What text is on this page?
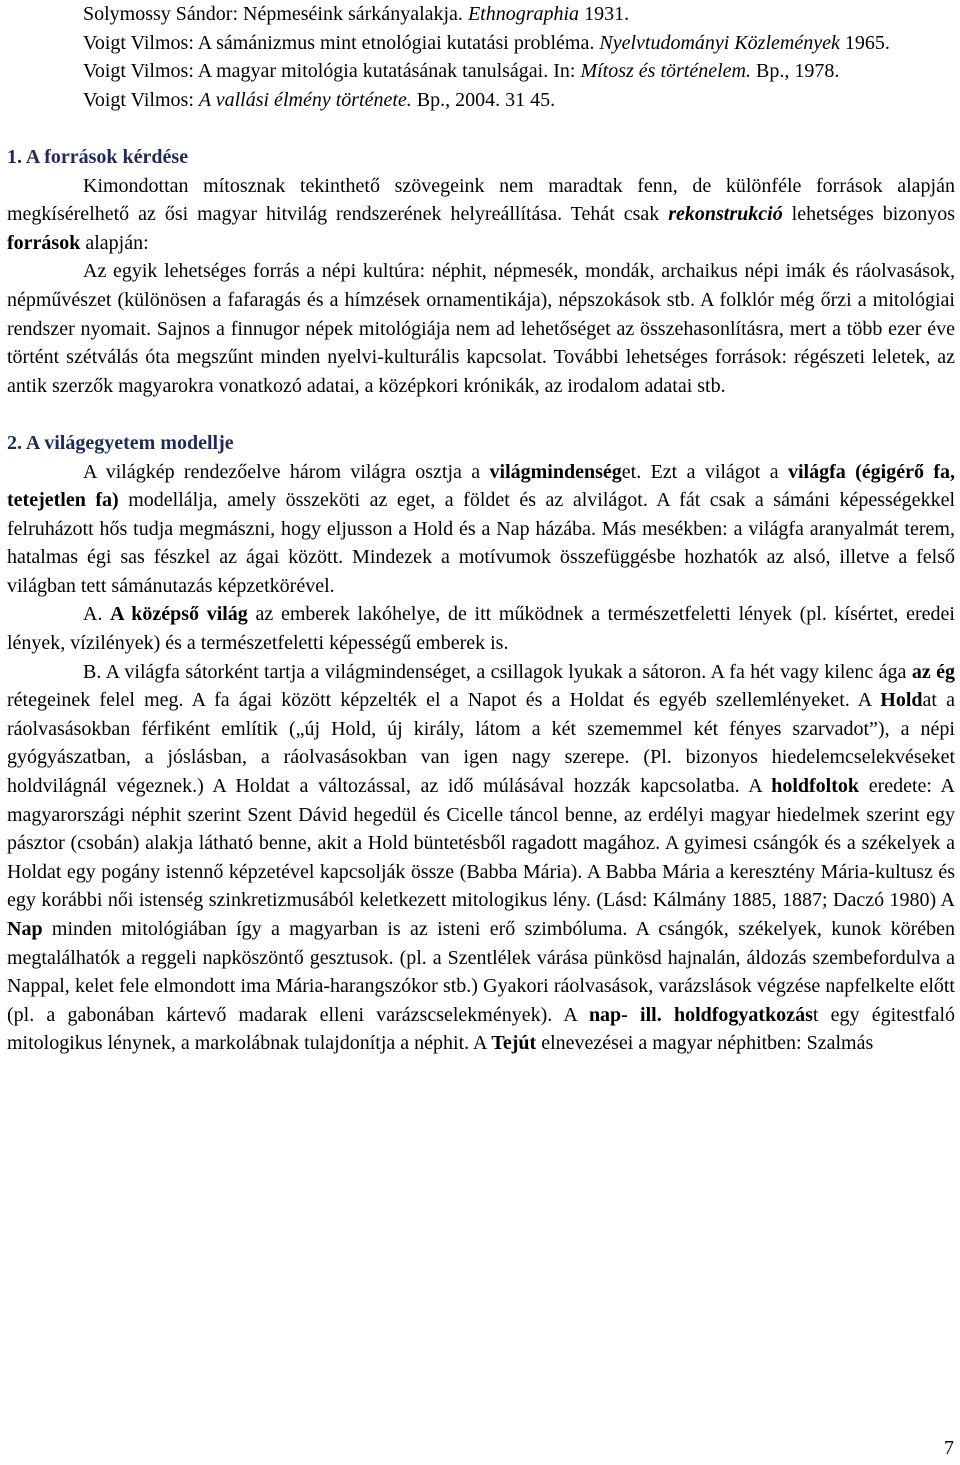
Solymossy Sándor: Népmeséink sárkányalakja. Ethnographia 1931.

Voigt Vilmos: A sámánizmus mint etnológiai kutatási probléma. Nyelvtudományi Közlemények 1965.

Voigt Vilmos: A magyar mitológia kutatásának tanulságai. In: Mítosz és történelem. Bp., 1978.

Voigt Vilmos: A vallási élmény története. Bp., 2004. 31 45.

1. A források kérdése

Kimondottan mítosznak tekinthető szövegeink nem maradtak fenn, de különféle források alapján megkísérelhető az ősi magyar hitvilág rendszerének helyreállítása. Tehát csak rekonstrukció lehetséges bizonyos források alapján:

Az egyik lehetséges forrás a népi kultúra: néphit, népmesék, mondák, archaikus népi imák és ráolvasások, népművészet (különösen a fafaragás és a hímzések ornamentikája), népszokások stb. A folklór még őrzi a mitológiai rendszer nyomait. Sajnos a finnugor népek mitológiája nem ad lehetőséget az összehasonlításra, mert a több ezer éve történt szétválás óta megszűnt minden nyelvi-kulturális kapcsolat. További lehetséges források: régészeti leletek, az antik szerzők magyarokra vonatkozó adatai, a középkori krónikák, az irodalom adatai stb.

2. A világegyetem modellje

A világkép rendezőelve három világra osztja a világmindenséget. Ezt a világot a világfa (égigérő fa, tetejetlen fa) modellálja, amely összeköti az eget, a földet és az alvilágot. A fát csak a sámáni képességekkel felruházott hős tudja megmászni, hogy eljusson a Hold és a Nap házába. Más mesékben: a világfa aranyalmát terem, hatalmas égi sas fészkel az ágai között. Mindezek a motívumok összefüggésbe hozhatók az alsó, illetve a felső világban tett sámánutazás képzetkörével.

A. A középső világ az emberek lakóhelye, de itt működnek a természetfeletti lények (pl. kísértet, eredei lények, vízilények) és a természetfeletti képességű emberek is.

B. A világfa sátorként tartja a világmindenséget, a csillagok lyukak a sátoron. A fa hét vagy kilenc ága az ég rétegeinek felel meg. A fa ágai között képzelték el a Napot és a Holdat és egyéb szellemlényeket. A Holdat a ráolvasásokban férfiként említik („új Hold, új király, látom a két szememmel két fényes szarvadot”), a népi gyógyászatban, a jóslásban, a ráolvasásokban van igen nagy szerepe. (Pl. bizonyos hiedelemcselekvéseket holdvilágnál végeznek.) A Holdat a változással, az idő múlásával hozzák kapcsolatba. A holdfoltok eredete: A magyarországi néphit szerint Szent Dávid hegedül és Cicelle táncol benne, az erdélyi magyar hiedelmek szerint egy pásztor (csobán) alakja látható benne, akit a Hold büntetésből ragadott magához. A gyimesi csángók és a székelyek a Holdat egy pogány istennő képzetével kapcsolják össze (Babba Mária). A Babba Mária a keresztény Mária-kultusz és egy korábbi női istenség szinkretizmusából keletkezett mitologikus lény. (Lásd: Kálmány 1885, 1887; Daczó 1980) A Nap minden mitológiában így a magyarban is az isteni erő szimbóluma. A csángók, székelyek, kunok körében megtalálhatók a reggeli napköszöntő gesztusok. (pl. a Szentlélek várása pünkösd hajnalán, áldozás szembefordulva a Nappal, kelet fele elmondott ima Mária-harangszókor stb.) Gyakori ráolvasások, varázslások végzése napfelkelte előtt (pl. a gabonában kártevő madarak elleni varázscselekmények). A nap- ill. holdfogyatkozást egy égitestfaló mitologikus lénynek, a markolábnak tulajdonítja a néphit. A Tejút elnevezései a magyar néphitben: Szalmás

7
